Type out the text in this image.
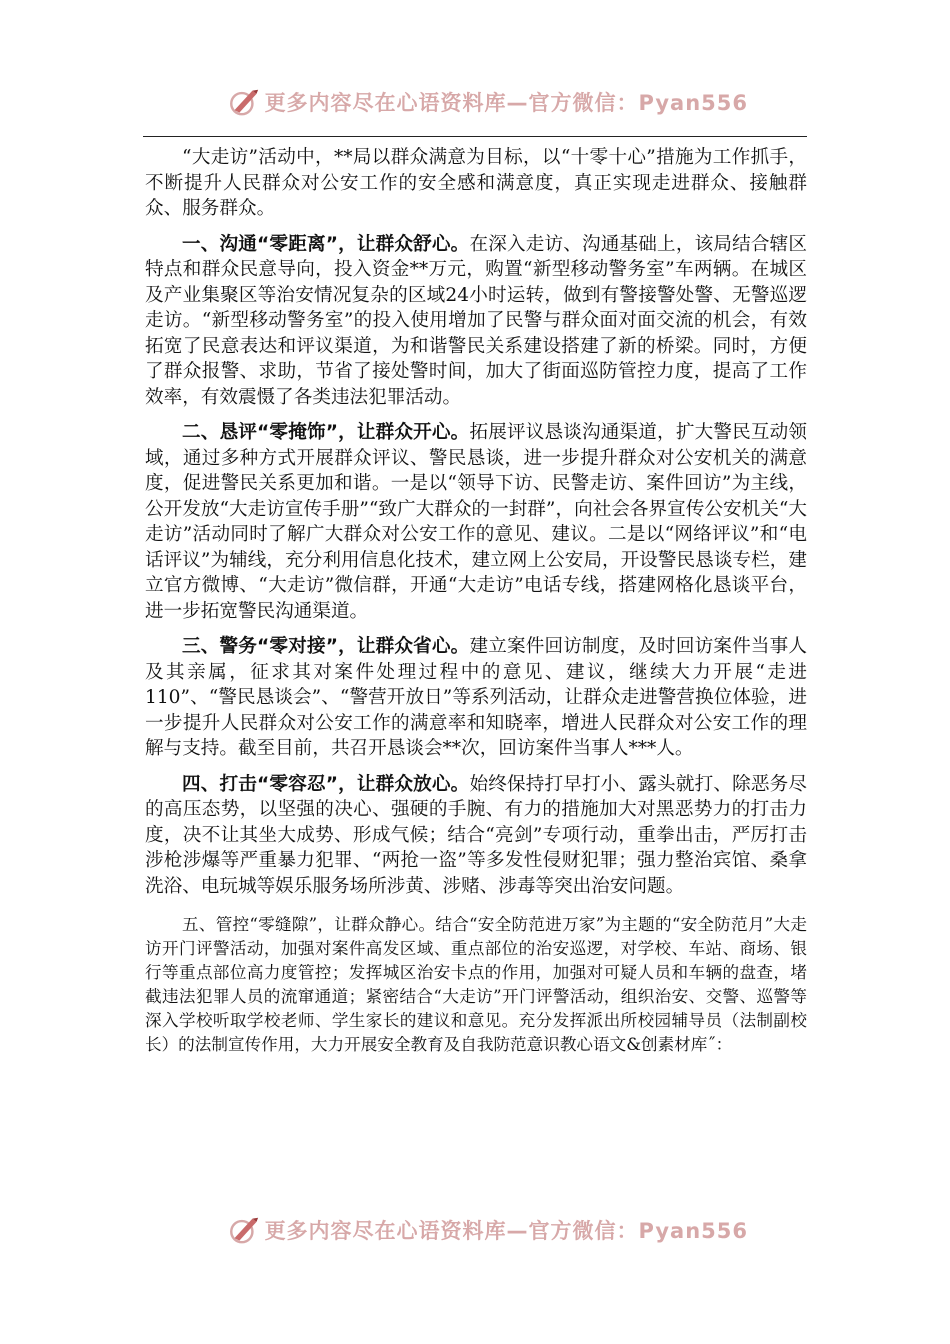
更多内容尽在心语资料库—官方微信：Pyan556

“大走访”活动中，**局以群众满意为目标，以“十零十心”措施为工作抓手，不断提升人民群众对公安工作的安全感和满意度，真正实现走进群众、接触群众、服务群众。

一、沟通“零距离”，让群众舒心。在深入走访、沟通基础上，该局结合辖区特点和群众民意导向，投入资金**万元，购置“新型移动警务室”车两辆。在城区及产业集聚区等治安情况复杂的区域24小时运转，做到有警接警处警、无警巡逻走访。“新型移动警务室”的投入使用增加了民警与群众面对面交流的机会，有效拓宽了民意表达和评议渠道，为和谐警民关系建设搭建了新的桥梁。同时，方便了群众报警、求助，节省了接处警时间，加大了街面巡防管控力度，提高了工作效率，有效震慑了各类违法犯罪活动。

二、恳评“零掩饰”，让群众开心。拓展评议恳谈沟通渠道，扩大警民互动领域，通过多种方式开展群众评议、警民恳谈，进一步提升群众对公安机关的满意度，促进警民关系更加和谐。一是以“领导下访、民警走访、案件回访”为主线，公开发放“大走访宣传手册”“致广大群众的一封群”，向社会各界宣传公安机关“大走访”活动同时了解广大群众对公安工作的意见、建议。二是以“网络评议”和“电话评议”为辅线，充分利用信息化技术，建立网上公安局，开设警民恳谈专栏，建立官方微博、“大走访”微信群，开通“大走访”电话专线，搭建网格化恳谈平台，进一步拓宽警民沟通渠道。

三、警务“零对接”，让群众省心。建立案件回访制度，及时回访案件当事人及其亲属，征求其对案件处理过程中的意见、建议，继续大力开展“走进110”、“警民恳谈会”、“警营开放日”等系列活动，让群众走进警营换位体验，进一步提升人民群众对公安工作的满意率和知晓率，增进人民群众对公安工作的理解与支持。截至目前，共召开恳谈会**次，回访案件当事人***人。

四、打击“零容忍”，让群众放心。始终保持打早打小、露头就打、除恶务尽的高压态势，以坚强的决心、强硬的手腕、有力的措施加大对黑恶势力的打击力度，决不让其坐大成势、形成气候；结合“亮剑”专项行动，重拳出击，严厉打击涉枪涉爆等严重暴力犯罪、“两抢一盗”等多发性侵财犯罪；强力整治宾馆、桑拿洗浴、电玩城等娱乐服务场所涉黄、涉赌、涉毒等突出治安问题。

五、管控“零缝隙”，让群众静心。结合“安全防范进万家”为主题的“安全防范月”大走访开门评警活动，加强对案件高发区域、重点部位的治安巡逻，对学校、车站、商场、银行等重点部位高力度管控；发挥城区治安卡点的作用，加强对可疑人员和车辆的盘查，堵截违法犯罪人员的流窜通道；紧密结合“大走访”开门评警活动，组织治安、交警、巡警等深入学校听取学校老师、学生家长的建议和意见。充分发挥派出所校园辅导员（法制副校长）的法制宣传作用，大力开展安全教育及自我防范意识教心语文&创素材库˝：

更多内容尽在心语资料库—官方微信：Pyan556
